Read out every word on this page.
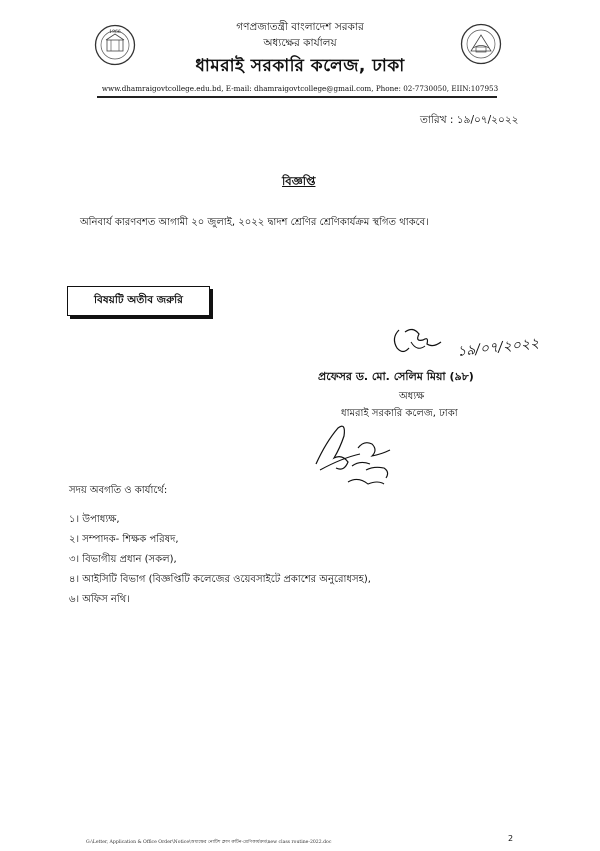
1966	গণপ্রজাতন্ত্রী বাংলাদেশ সরকার
অধ্যক্ষের কার্যালয়
ধামরাই সরকারি কলেজ, ঢাকা
www.dhamraigovtcollege.edu.bd, E-mail: dhamraigovtcollege@gmail.com, Phone: 02-7730050, EIIN:107953
তারিখ : ১৯/০৭/২০২২
বিজ্ঞপ্তি
অনিবার্য কারণবশত আগামী ২০ জুলাই, ২০২২ দ্বাদশ শ্রেণির শ্রেণিকার্যক্রম স্থগিত থাকবে।
বিষয়টি অতীব জরুরি
১৯/০৭/২০২২
প্রফেসর ড. মো. সেলিম মিয়া (৯৮)
অধ্যক্ষ
ধামরাই সরকারি কলেজ, ঢাকা
সদয় অবগতি ও কার্যার্থে:
১। উপাধ্যক্ষ,
২। সম্পাদক- শিক্ষক পরিষদ,
৩। বিভাগীয় প্রধান (সকল),
৪। আইসিটি বিভাগ (বিজ্ঞপ্তিটি কলেজের ওয়েবসাইটে প্রকাশের অনুরোধসহ),
৬। অফিস নথি।
G:\Letter, Application & Office Order\Notice\অধ্যক্ষের নোটিশ ক্লাস রুটিন-শ্রেণিকার্যক্রম\new class routine-2022.doc	2
